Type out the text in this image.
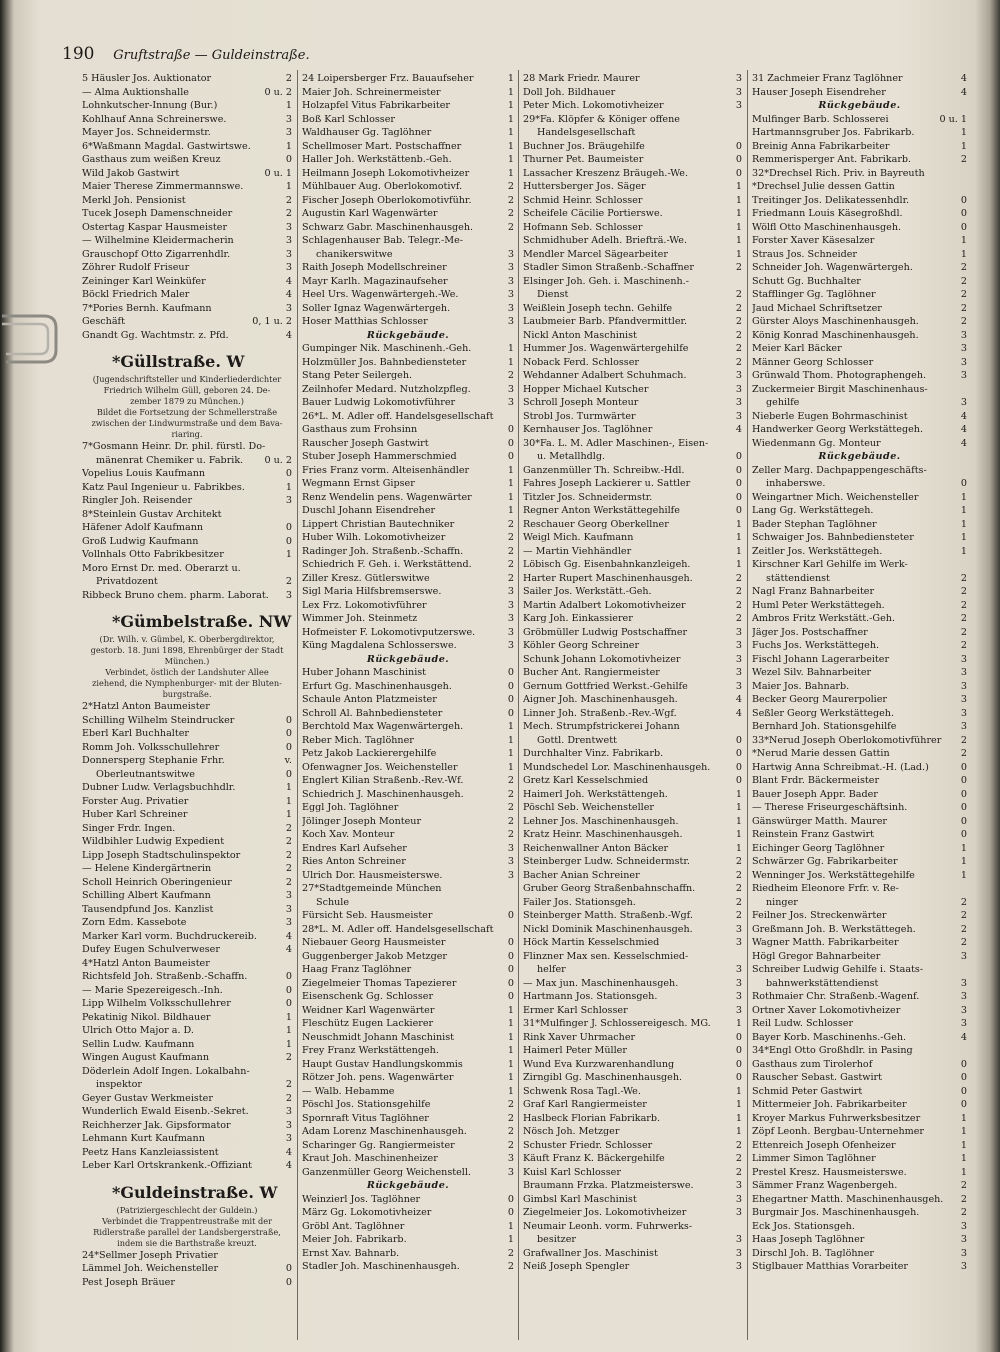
190 Gruftstraße — Guldeinstraße.
5 Häusler Jos. Auktionator	2
— Alma Auktionshalle	0 u. 2
Lohnkutscher-Innung (Bur.)	1
Kohlhauf Anna Schreinerswe.	3
Mayer Jos. Schneidermstr.	3
6*Waßmann Magdal. Gastwirtswe.	1
Gasthaus zum weißen Kreuz	0
Wild Jakob Gastwirt	0 u. 1
Maier Therese Zimmermannswe.	1
Merkl Joh. Pensionist	2
Tucek Joseph Damenschneider	2
Ostertag Kaspar Hausmeister	3
— Wilhelmine Kleidermacherin	3
Grauschopf Otto Zigarrenhdlr.	3
Zöhrer Rudolf Friseur	3
Zeininger Karl Weinküfer	4
Böckl Friedrich Maler	4
7*Pories Bernh. Kaufmann	3
Geschäft	0, 1 u. 2
Gnandt Gg. Wachtmstr. z. Pfd.	4
*Güllstraße. W
(Jugendschriftsteller und Kinderliederdichter
Friedrich Wilhelm Güll, geboren 24. De-
zember 1879 zu München.)
Bildet die Fortsetzung der Schmellerstraße
zwischen der Lindwurmstraße und dem Bava-
riaring.
7*Gosmann Heinr. Dr. phil. fürstl. Do-
mänenrat Chemiker u. Fabrik. 0 u. 2
Vopelius Louis Kaufmann	0
Katz Paul Ingenieur u. Fabrikbes.	1
Ringler Joh. Reisender	3
8*Steinlein Gustav Architekt
Häfener Adolf Kaufmann	0
Groß Ludwig Kaufmann	0
Vollnhals Otto Fabrikbesitzer	1
Moro Ernst Dr. med. Oberarzt u.
Privatdozent	2
Ribbeck Bruno chem. pharm. Laborat. 3
*Gümbelstraße. NW
(Dr. Wilh. v. Gümbel, K. Oberbergdirektor,
gestorb. 18. Juni 1898, Ehrenbürger der Stadt
München.)
Verbindet, östlich der Landshuter Allee
ziehend, die Nymphenburger- mit der Bluten-
burgstraße.
2*Hatzl Anton Baumeister
Schilling Wilhelm Steindrucker	0
Eberl Karl Buchhalter	0
Romm Joh. Volksschullehrer	0
Donnersperg Stephanie Frhr.	v.
Oberleutnantswitwe	0
Dubner Ludw. Verlagsbuchhdlr.	1
Forster Aug. Privatier	1
Huber Karl Schreiner	1
Singer Frdr. Ingen.	2
Wildbihler Ludwig Expedient	2
Lipp Joseph Stadtschulinspektor	2
— Helene Kindergärtnerin	2
Scholl Heinrich Oberingenieur	2
Schilling Albert Kaufmann	3
Tausendpfund Jos. Kanzlist	3
Zorn Edm. Kassebote	3
Marker Karl vorm. Buchdruckereib.	4
Dufey Eugen Schulverweser	4
4*Hatzl Anton Baumeister
Richtsfeld Joh. Straßenb.-Schaffn.	0
— Marie Spezereigesch.-Inh.	0
Lipp Wilhelm Volksschullehrer	0
Pekatinig Nikol. Bildhauer	1
Ulrich Otto Major a. D.	1
Sellin Ludw. Kaufmann	1
Wingen August Kaufmann	2
Döderlein Adolf Ingen. Lokalbahn-
inspektor	2
Geyer Gustav Werkmeister	2
Wunderlich Ewald Eisenb.-Sekret.	3
Reichherzer Jak. Gipsformator	3
Lehmann Kurt Kaufmann	3
Peetz Hans Kanzleiassistent	4
Leber Karl Ortskrankenk.-Offiziant	4
*Guldeinstraße. W
(Patriziergeschlecht der Guldein.)
Verbindet die Trappentreustraße mit der
Ridlerstraße parallel der Landsbergerstraße,
indem sie die Barthstraße kreuzt.
24*Sellmer Joseph Privatier
Lämmel Joh. Weichensteller	0
Pest Joseph Bräuer	0
24 Loipersberger Frz. Bauaufseher	1
Maier Joh. Schreinermeister	1
Holzapfel Vitus Fabrikarbeiter	1
Boß Karl Schlosser	1
Waldhauser Gg. Taglöhner	1
Schellmoser Mart. Postschaffner	1
Haller Joh. Werkstättenb.-Geh.	1
Heilmann Joseph Lokomotivheizer	1
Mühlbauer Aug. Oberlokomotivf.	2
Fischer Joseph Oberlokomotivführ.	2
Augustin Karl Wagenwärter	2
Schwarz Gabr. Maschinenhausgeh.	2
Schlagenhauser Bab. Telegr.-Me-
chanikerswitwe	3
Raith Joseph Modellschreiner	3
Mayr Karlh. Magazinaufseher	3
Heel Urs. Wagenwärtergeh.-We.	3
Soller Ignaz Wagenwärtergeh.	3
Hoser Matthias Schlosser	3
Rückgebäude.
Gumpinger Nik. Maschinenh.-Geh.	1
Holzmüller Jos. Bahnbediensteter	1
Stang Peter Seilergeh.	2
Zeilnhofer Medard. Nutzholzpfleg.	3
Bauer Ludwig Lokomotivführer	3
26*L. M. Adler off. Handelsgesellschaft
Gasthaus zum Frohsinn	0
Rauscher Joseph Gastwirt	0
Stuber Joseph Hammerschmied	0
Fries Franz vorm. Alteisenhändler	1
Wegmann Ernst Gipser	1
Renz Wendelin pens. Wagenwärter	1
Duschl Johann Eisendreher	1
Lippert Christian Bautechniker	2
Huber Wilh. Lokomotivheizer	2
Radinger Joh. Straßenb.-Schaffn.	2
Schiedrich F. Geh. i. Werkstättend.	2
Ziller Kresz. Gütlerswitwe	2
Sigl Maria Hilfsbremserswe.	3
Lex Frz. Lokomotivführer	3
Wimmer Joh. Steinmetz	3
Hofmeister F. Lokomotivputzerswe.	3
Küng Magdalena Schlosserswe.	3
Rückgebäude.
Huber Johann Maschinist	0
Erfurt Gg. Maschinenhausgeh.	0
Schaule Anton Platzmeister	0
Schroll Al. Bahnbediensteter	0
Berchtold Max Wagenwärtergeh.	1
Reber Mich. Taglöhner	1
Petz Jakob Lackierergehilfe	1
Ofenwagner Jos. Weichensteller	1
Englert Kilian Straßenb.-Rev.-Wf.	2
Schiedrich J. Maschinenhausgeh.	2
Eggl Joh. Taglöhner	2
Jölinger Joseph Monteur	2
Koch Xav. Monteur	2
Endres Karl Aufseher	3
Ries Anton Schreiner	3
Ulrich Dor. Hausmeisterswe.	3
27*Stadtgemeinde München
Schule
Fürsicht Seb. Hausmeister	0
28*L. M. Adler off. Handelsgesellschaft
Niebauer Georg Hausmeister	0
Guggenberger Jakob Metzger	0
Haag Franz Taglöhner	0
Ziegelmeier Thomas Tapezierer	0
Eisenschenk Gg. Schlosser	0
Weidner Karl Wagenwärter	1
Fleschütz Eugen Lackierer	1
Neuschmidt Johann Maschinist	1
Frey Franz Werkstättengeh.	1
Haupt Gustav Handlungskommis	1
Rötzer Joh. pens. Wagenwärter	1
— Walb. Hebamme	1
Pöschl Jos. Stationsgehilfe	2
Spornraft Vitus Taglöhner	2
Adam Lorenz Maschinenhausgeh.	2
Scharinger Gg. Rangiermeister	2
Kraut Joh. Maschinenheizer	3
Ganzenmüller Georg Weichenstell.	3
Rückgebäude.
Weinzierl Jos. Taglöhner	0
März Gg. Lokomotivheizer	0
Gröbl Ant. Taglöhner	1
Meier Joh. Fabrikarb.	1
Ernst Xav. Bahnarb.	2
Stadler Joh. Maschinenhausgeh.	2
28 Mark Friedr. Maurer	3
Doll Joh. Bildhauer	3
Peter Mich. Lokomotivheizer	3
29*Fa. Klöpfer & Königer offene
Handelsgesellschaft
Buchner Jos. Bräugehilfe	0
Thurner Pet. Baumeister	0
Lassacher Kreszenz Bräugeh.-We.	0
Huttersberger Jos. Säger	1
Schmid Heinr. Schlosser	1
Scheifele Cäcilie Portierswe.	1
Hofmann Seb. Schlosser	1
Schmidhuber Adelh. Briefträ.-We.	1
Mendler Marcel Sägearbeiter	1
Stadler Simon Straßenb.-Schaffner	2
Elsinger Joh. Geh. i. Maschinenh.-
Dienst	2
Weißlein Joseph techn. Gehilfe	2
Laubmeier Barb. Pfandvermittler.	2
Nickl Anton Maschinist	2
Hummer Jos. Wagenwärtergehilfe	2
Noback Ferd. Schlosser	2
Wehdanner Adalbert Schuhmach.	3
Hopper Michael Kutscher	3
Schroll Joseph Monteur	3
Strobl Jos. Turmwärter	3
Kernhauser Jos. Taglöhner	4
30*Fa. L. M. Adler Maschinen-, Eisen-
u. Metallhdlg.	0
Ganzenmüller Th. Schreibw.-Hdl.	0
Fahres Joseph Lackierer u. Sattler	0
Titzler Jos. Schneidermstr.	0
Regner Anton Werkstättegehilfe	0
Reschauer Georg Oberkellner	1
Weigl Mich. Kaufmann	1
— Martin Viehhändler	1
Löbisch Gg. Eisenbahnkanzleigeh.	1
Harter Rupert Maschinenhausgeh.	2
Sailer Jos. Werkstätt.-Geh.	2
Martin Adalbert Lokomotivheizer	2
Karg Joh. Einkassierer	2
Gröbmüller Ludwig Postschaffner	3
Köhler Georg Schreiner	3
Schunk Johann Lokomotivheizer	3
Bucher Ant. Rangiermeister	3
Gernum Gottfried Werkst.-Gehilfe	3
Aigner Joh. Maschinenhausgeh.	4
Linner Joh. Straßenb.-Rev.-Wgf.	4
Mech. Strumpfstrickerei Johann
Gottl. Drentwett	0
Durchhalter Vinz. Fabrikarb.	0
Mundschedel Lor. Maschinenhausgeh.	0
Gretz Karl Kesselschmied	0
Haimerl Joh. Werkstättengeh.	1
Pöschl Seb. Weichensteller	1
Lehner Jos. Maschinenhausgeh.	1
Kratz Heinr. Maschinenhausgeh.	1
Reichenwallner Anton Bäcker	1
Steinberger Ludw. Schneidermstr.	2
Bacher Anian Schreiner	2
Gruber Georg Straßenbahnschaffn.	2
Failer Jos. Stationsgeh.	2
Steinberger Matth. Straßenb.-Wgf.	2
Nickl Dominik Maschinenhausgeh.	3
Höck Martin Kesselschmied	3
Flinzner Max sen. Kesselschmied-
helfer	3
— Max jun. Maschinenhausgeh.	3
Hartmann Jos. Stationsgeh.	3
Ermer Karl Schlosser	3
31*Mulfinger J. Schlossereigesch. MG.	1
Rink Xaver Uhrmacher	0
Haimerl Peter Müller	0
Wund Eva Kurzwarenhandlung	0
Zirngibl Gg. Maschinenhausgeh.	0
Schwenk Rosa Tagl.-We.	1
Graf Karl Rangiermeister	1
Haslbeck Florian Fabrikarb.	1
Nösch Joh. Metzger	1
Schuster Friedr. Schlosser	2
Käuft Franz K. Bäckergehilfe	2
Kuisl Karl Schlosser	2
Braumann Frzka. Platzmeisterswe.	3
Gimbsl Karl Maschinist	3
Ziegelmeier Jos. Lokomotivheizer	3
Neumair Leonh. vorm. Fuhrwerks-
besitzer	3
Grafwallner Jos. Maschinist	3
Neiß Joseph Spengler	3
31 Zachmeier Franz Taglöhner	4
Hauser Joseph Eisendreher	4
Rückgebäude.
Mulfinger Barb. Schlosserei	0 u. 1
Hartmannsgruber Jos. Fabrikarb.	1
Breinig Anna Fabrikarbeiter	1
Remmerisperger Ant. Fabrikarb.	2
32*Drechsel Rich. Priv. in Bayreuth
*Drechsel Julie dessen Gattin
Treitinger Jos. Delikatessenhdlr.	0
Friedmann Louis Käsegroßhdl.	0
Wölfl Otto Maschinenhausgeh.	0
Forster Xaver Käsesalzer	1
Straus Jos. Schneider	1
Schneider Joh. Wagenwärtergeh.	2
Schutt Gg. Buchhalter	2
Stafflinger Gg. Taglöhner	2
Jaud Michael Schriftsetzer	2
Gürster Aloys Maschinenhausgeh.	2
König Konrad Maschinenhausgeh.	3
Meier Karl Bäcker	3
Männer Georg Schlosser	3
Grünwald Thom. Photographengeh.	3
Zuckermeier Birgit Maschinenhaus-
gehilfe	3
Nieberle Eugen Bohrmaschinist	4
Handwerker Georg Werkstättegeh.	4
Wiedenmann Gg. Monteur	4
Rückgebäude.
Zeller Marg. Dachpappengeschäfts-
inhaberswe.	0
Weingartner Mich. Weichensteller	1
Lang Gg. Werkstättegeh.	1
Bader Stephan Taglöhner	1
Schwaiger Jos. Bahnbediensteter	1
Zeitler Jos. Werkstättegeh.	1
Kirschner Karl Gehilfe im Werk-
stättendienst	2
Nagl Franz Bahnarbeiter	2
Huml Peter Werkstättegeh.	2
Ambros Fritz Werkstätt.-Geh.	2
Jäger Jos. Postschaffner	2
Fuchs Jos. Werkstättegeh.	2
Fischl Johann Lagerarbeiter	3
Wezel Silv. Bahnarbeiter	3
Maier Jos. Bahnarb.	3
Becker Georg Maurerpolier	3
Seßler Georg Werkstättegeh.	3
Bernhard Joh. Stationsgehilfe	3
33*Nerud Joseph Oberlokomotivführer 2
*Nerud Marie dessen Gattin	2
Hartwig Anna Schreibmat.-H. (Lad.)	0
Blant Frdr. Bäckermeister	0
Bauer Joseph Appr. Bader	0
— Therese Friseurgeschäftsinh.	0
Gänswürger Matth. Maurer	0
Reinstein Franz Gastwirt	0
Eichinger Georg Taglöhner	1
Schwärzer Gg. Fabrikarbeiter	1
Wenninger Jos. Werkstättegehilfe	1
Riedheim Eleonore Frfr. v. Re-
ninger	2
Feilner Jos. Streckenwärter	2
Greßmann Joh. B. Werkstättegeh.	2
Wagner Matth. Fabrikarbeiter	2
Högl Gregor Bahnarbeiter	3
Schreiber Ludwig Gehilfe i. Staats-
bahnwerkstättendienst	3
Rothmaier Chr. Straßenb.-Wagenf.	3
Ortner Xaver Lokomotivheizer	3
Reil Ludw. Schlosser	3
Bayer Korb. Maschinenhs.-Geh.	4
34*Engl Otto Großhdlr. in Pasing
Gasthaus zum Tirolerhof	0
Rauscher Sebast. Gastwirt	0
Schmid Peter Gastwirt	0
Mittermeier Joh. Fabrikarbeiter	0
Kroyer Markus Fuhrwerksbesitzer	1
Zöpf Leonh. Bergbau-Unternehmer	1
Ettenreich Joseph Ofenheizer	1
Limmer Simon Taglöhner	1
Prestel Kresz. Hausmeisterswe.	1
Sämmer Franz Wagenbergeh.	2
Ehegartner Matth. Maschinenhausgeh. 2
Burgmair Jos. Maschinenhausgeh.	2
Eck Jos. Stationsgeh.	3
Haas Joseph Taglöhner	3
Dirschl Joh. B. Taglöhner	3
Stiglbauer Matthias Vorarbeiter	3
